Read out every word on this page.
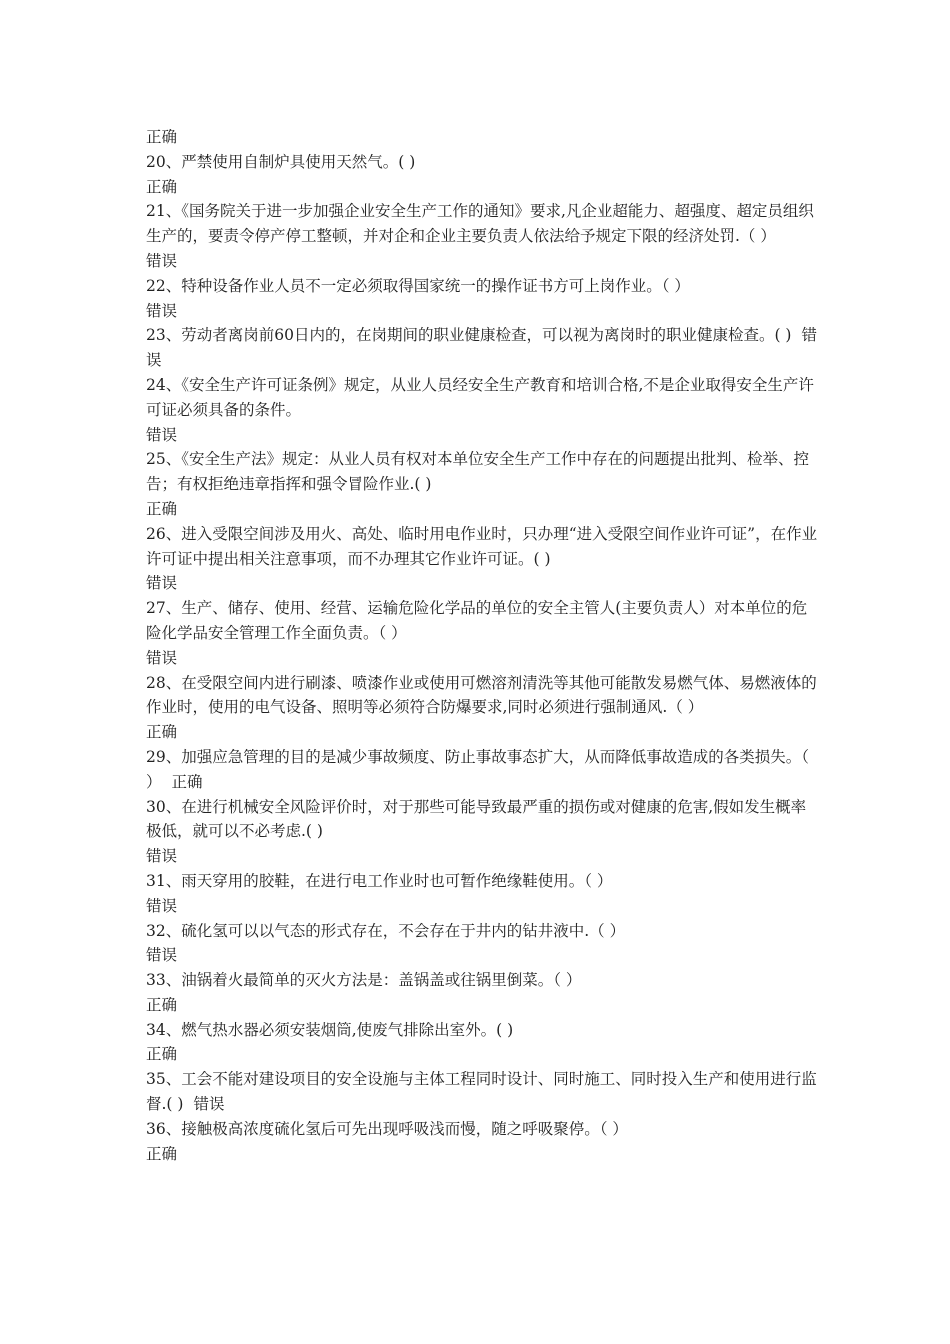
正确
20、严禁使用自制炉具使用天然气。( )
正确
21、《国务院关于进一步加强企业安全生产工作的通知》要求,凡企业超能力、超强度、超定员组织生产的，要责令停产停工整顿，并对企和企业主要负责人依法给予规定下限的经济处罚.（ ）
错误
22、特种设备作业人员不一定必须取得国家统一的操作证书方可上岗作业。（ ）
错误
23、劳动者离岗前60日内的，在岗期间的职业健康检查，可以视为离岗时的职业健康检查。( ) 错误
24、《安全生产许可证条例》规定，从业人员经安全生产教育和培训合格,不是企业取得安全生产许可证必须具备的条件。
错误
25、《安全生产法》规定：从业人员有权对本单位安全生产工作中存在的问题提出批判、检举、控告；有权拒绝违章指挥和强令冒险作业.( )
正确
26、进入受限空间涉及用火、高处、临时用电作业时，只办理“进入受限空间作业许可证”，在作业许可证中提出相关注意事项，而不办理其它作业许可证。( )
错误
27、生产、储存、使用、经营、运输危险化学品的单位的安全主管人(主要负责人）对本单位的危险化学品安全管理工作全面负责。（ ）
错误
28、在受限空间内进行刷漆、喷漆作业或使用可燃溶剂清洗等其他可能散发易燃气体、易燃液体的作业时，使用的电气设备、照明等必须符合防爆要求,同时必须进行强制通风.（ ）
正确
29、加强应急管理的目的是减少事故频度、防止事故事态扩大，从而降低事故造成的各类损失。（ ） 正确
30、在进行机械安全风险评价时，对于那些可能导致最严重的损伤或对健康的危害,假如发生概率极低，就可以不必考虑.( )
错误
31、雨天穿用的胶鞋，在进行电工作业时也可暂作绝缘鞋使用。（ ）
错误
32、硫化氢可以以气态的形式存在，不会存在于井内的钻井液中.（ ）
错误
33、油锅着火最简单的灭火方法是：盖锅盖或往锅里倒菜。（ ）
正确
34、燃气热水器必须安装烟筒,使废气排除出室外。( )
正确
35、工会不能对建设项目的安全设施与主体工程同时设计、同时施工、同时投入生产和使用进行监督.( ) 错误
36、接触极高浓度硫化氢后可先出现呼吸浅而慢，随之呼吸聚停。（ ）
正确
